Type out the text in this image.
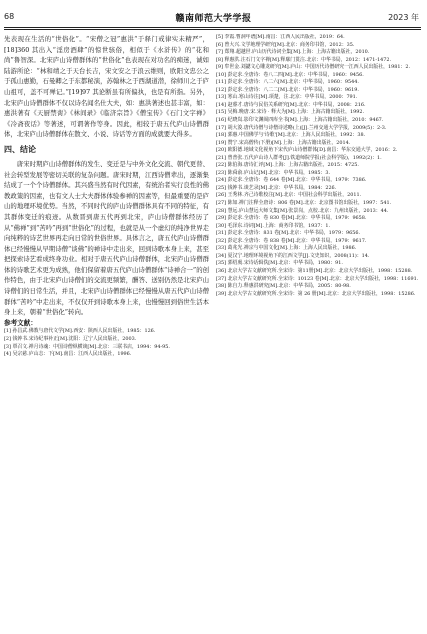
68	赣南师范大学学报	2023 年

先表现在生活的“世俗化”。“宋僧之冠”惠洪“于释门戒律实未精严”，[18]360 其出入“淫房酒肆”的惊世骇俗，相似于《水浒传》的“花和尚”鲁智深。北宋庐山诗僧群体的“世俗化”也表现在对功名的痴迷，诚如陆游所论：“林和靖之于天台长吉，宋文安之于浪云维则，欧阳文忠公之于孤山惠勤，石曼卿之于东都秘演，苏翰林之于西湖道潜，徐师川之于庐山祖可，盖不可殚记。”[19]97 其论断虽有所偏执，也是有所指。另外，北宋庐山诗僧群体不仅以诗名闻名仕大夫，如：惠洪著述也甚丰富，如：惠洪著有《天厨禁脔》《林间录》《临济宗旨》《僧宝传》《石门文字禅》《冷斋夜话》等著述，可谓著作等身。因此，相较于唐五代庐山诗僧群体，北宋庐山诗僧群体在散文、小说、诗话等方面的成就要大得多。

四、结论

唐宋时期庐山诗僧群体的发生、变迁是与中外文化交流、朝代更替、社会转型发展等密切关联的复杂问题。唐宋时期，江西诗僧辈出，逐渐集结成了一个个诗僧群体。其兴盛当然有时代因素，有统治者实行良性的佛教政策的因素，也有文人士大夫群体体验参禅的因素等，但最重要的是庐山的地理环境优势。当然，不同时代的庐山诗僧群体具有不同的特征，有其群体变迁的痕迹。从数晋到唐五代再到北宋，庐山诗僧群体经历了从“佛禅”到“苦吟”再到“世俗化”的过程，也就是从一个虚幻的纯净世界走向纯粹的诗艺世界再走向日常的世俗世界。具体言之，唐五代庐山诗僧群体已经慢慢从早期诗僧“谈佛”的禅诗中走出来，回到诗歌本身上来，甚至把探索诗艺看成终身功业。相对于唐五代庐山诗僧群体，北宋庐山诗僧群体的诗歌艺术更为成熟，他们保留着唐五代庐山诗僧群体“诗禅合一”的创作特色，由于北宋庐山诗僧们的交流更频繁，酬答、送别仍然是北宋庐山诗僧们的日常生活，并且，北宋庐山诗僧群体已经慢慢从唐五代庐山诗僧群体“苦吟”中走出来，不仅仅开到诗歌本身上来，也慢慢回到俗世生活本身上来，朝着“世俗化”转向。

参考文献：

[1] 孙昌武.佛教与唐代文学[M].西安：陕西人民出版社，1985：126.

[2] 钱钟书.宋诗纪事补正[M].沈阳：辽宁人民出版社，2003.

[3] 覃召文.禅月诗魂：中国诗僧纵横谈[M].北京：三联书店，1994：94-95.

[4] 吴宗慈.庐山志：下[M].南昌：江西人民出版社，1996.

[5] 李霞.曹洞年谱[M].南昌：江西人民出版社，2019：64.

[6] 曾大兴.文学地理学研究[M].北京：商务印书馆，2012：35.

[7] 郑翔.超越世.庐山历代诗词全集[M].上海：上海古籍出版社，2010.

[8] 释惠洪.注石门文字禅[M].释廓门贯注.北京：中华书局，2012：1471-1472.

[9] 牟世金.刘勰文心雕龙研究[M].庐山：中国历代诗僧研究一江西人民出版社，1981：2.

[10] 彭定求.全唐诗：卷八二四[M].北京：中华书局，1960：9456.

[11] 彭定求.全唐诗：八二六[M].北京：中华书局，1960：9544.

[12] 彭定求.全唐诗：八二二[M].北京：中华书局，1960：9619.

[13] 寒山.寒山诗注[M].项楚，注.北京：中华书局，2000：791.

[14] 赵睿才.唐诗与民俗关系研究[M].北京：中华书局，2008：216.

[15] 吴梅.晚唐.宋.宋诗 · 释大为[M].上海：上海古籍出版社，1992.

[16] 纪晓岚.影印文渊阁四库全书[M].上海：上海古籍出版社，2010：9467.

[17] 胡大浚.唐代诗僧与诗僧诗述略(上)[J].兰州交通大学学报，2009(5)：2-3.

[18] 郭惠.中国佛学与'诗歌'[M].北京：上海人民出版社，1992：38.

[19] 赞宁.宋高僧传(下册)[M].上海：上海古籍出版社，2014.

[20] 欧阳德.地域文化视角下宋代庐山诗僧群体[D].南昌：华东交通大学，2016：2.

[21] 曾普张.五代庐山诗人群考[J].铁道师院学报(社会科学版)，1992(2)：1.

[22] 陈伯海.唐诗汇评[M].上海：上海古籍出版社，2015：4725.

[23] 陈舜俞.庐山记[M].北京：中华书局，1985：3.

[24] 彭定求.全唐诗：卷 644 卷[M].北京：中华书局，1979：7386.

[25] 钱钟书.谈艺录[M].北京：中华书局，1984：226.

[26] 王秀林.齐己诗歌校注[M].北京：中国社会科学出版社，2011.

[27] 陈如.禅门注释全唐诗：806 卷[M].北京：北京图书馆出版社，1997：541.

[28] 慧远.庐山慧远大师文集[M].张景岗，点校.北京：九州出版社，2013：44.

[29] 彭定求.全唐诗：卷 830 卷[M].北京：中华书局，1979：9658.

[30] 毛泽东.诗词[M].上海：商务印书馆，1937：1.

[31] 彭定求.全唐诗：831 卷[M].北京：中华书局，1979：9656.

[32] 彭定求.全唐诗：卷 838 卷[M].北京：中华书局，1979：9617.

[33] 葛兆光.禅宗与中国文化[M].上海：上海人民出版社，1986.

[34] 夏汉宁.地理环境视角下的江西文学[J].文史知识，2008(11)：14.

[35] 郭绍虞.宋诗话辑佚[M].北京：中华书局，1980：91.

[36] 北京大学古文献研究所.全宋诗：第11册[M].北京：北京大学出版社，1998：15288.

[37] 北京大学古文献研究所.全宋诗：10123 卷[M].北京：北京大学出版社，1998：11691.

[38] 陈自力.释惠洪研究[M].北京：中华书局，2005：80-98.

[39] 北京大学古文献研究所.全宋诗：第 26 册[M].北京：北京大学出版社，1998：15286.
